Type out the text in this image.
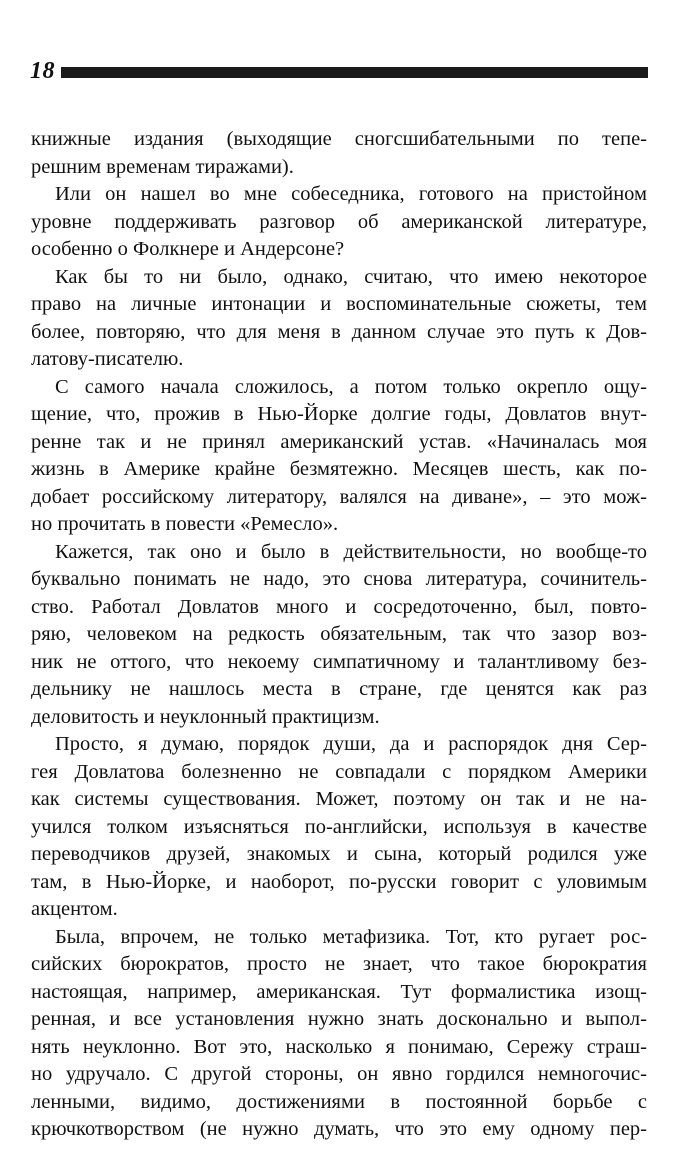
18
книжные издания (выходящие сногсшибательными по тепе-
решним временам тиражами).
Или он нашел во мне собеседника, готового на пристойном
уровне поддерживать разговор об американской литературе,
особенно о Фолкнере и Андерсоне?
Как бы то ни было, однако, считаю, что имею некоторое
право на личные интонации и воспоминательные сюжеты, тем
более, повторяю, что для меня в данном случае это путь к Дов-
латову-писателю.
С самого начала сложилось, а потом только окрепло ощу-
щение, что, прожив в Нью-Йорке долгие годы, Довлатов внут-
ренне так и не принял американский устав. «Начиналась моя
жизнь в Америке крайне безмятежно. Месяцев шесть, как по-
добает российскому литератору, валялся на диване», – это мож-
но прочитать в повести «Ремесло».
Кажется, так оно и было в действительности, но вообще-то
буквально понимать не надо, это снова литература, сочинитель-
ство. Работал Довлатов много и сосредоточенно, был, повто-
ряю, человеком на редкость обязательным, так что зазор воз-
ник не оттого, что некоему симпатичному и талантливому без-
дельнику не нашлось места в стране, где ценятся как раз
деловитость и неуклонный практицизм.
Просто, я думаю, порядок души, да и распорядок дня Сер-
гея Довлатова болезненно не совпадали с порядком Америки
как системы существования. Может, поэтому он так и не на-
учился толком изъясняться по-английски, используя в качестве
переводчиков друзей, знакомых и сына, который родился уже
там, в Нью-Йорке, и наоборот, по-русски говорит с уловимым
акцентом.
Была, впрочем, не только метафизика. Тот, кто ругает рос-
сийских бюрократов, просто не знает, что такое бюрократия
настоящая, например, американская. Тут формалистика изощ-
ренная, и все установления нужно знать досконально и выпол-
нять неуклонно. Вот это, насколько я понимаю, Сережу страш-
но удручало. С другой стороны, он явно гордился немногочис-
ленными, видимо, достижениями в постоянной борьбе с
крючкотворством (не нужно думать, что это ему одному пер-
